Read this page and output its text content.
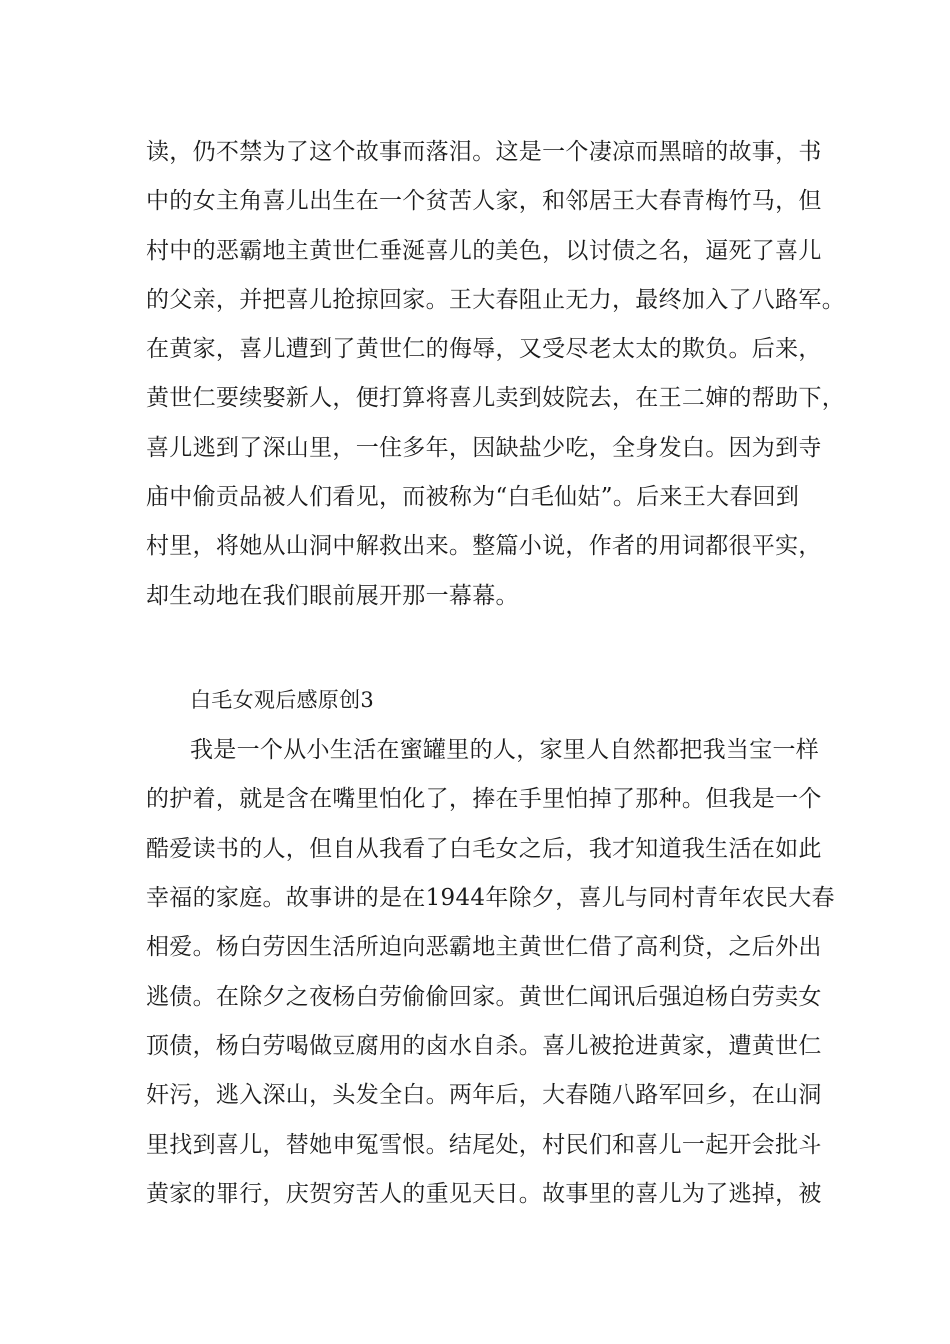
读，仍不禁为了这个故事而落泪。这是一个凄凉而黑暗的故事，书
中的女主角喜儿出生在一个贫苦人家，和邻居王大春青梅竹马，但
村中的恶霸地主黄世仁垂涎喜儿的美色，以讨债之名，逼死了喜儿
的父亲，并把喜儿抢掠回家。王大春阻止无力，最终加入了八路军。
在黄家，喜儿遭到了黄世仁的侮辱，又受尽老太太的欺负。后来，
黄世仁要续娶新人，便打算将喜儿卖到妓院去，在王二婶的帮助下，
喜儿逃到了深山里，一住多年，因缺盐少吃，全身发白。因为到寺
庙中偷贡品被人们看见，而被称为“白毛仙姑”。后来王大春回到
村里，将她从山洞中解救出来。整篇小说，作者的用词都很平实，
却生动地在我们眼前展开那一幕幕。
白毛女观后感原创3
我是一个从小生活在蜜罐里的人，家里人自然都把我当宝一样
的护着，就是含在嘴里怕化了，捧在手里怕掉了那种。但我是一个
酷爱读书的人，但自从我看了白毛女之后，我才知道我生活在如此
幸福的家庭。故事讲的是在1944年除夕，喜儿与同村青年农民大春
相爱。杨白劳因生活所迫向恶霸地主黄世仁借了高利贷，之后外出
逃债。在除夕之夜杨白劳偷偷回家。黄世仁闻讯后强迫杨白劳卖女
顶债，杨白劳喝做豆腐用的卤水自杀。喜儿被抢进黄家，遭黄世仁
奸污，逃入深山，头发全白。两年后，大春随八路军回乡，在山洞
里找到喜儿，替她申冤雪恨。结尾处，村民们和喜儿一起开会批斗
黄家的罪行，庆贺穷苦人的重见天日。故事里的喜儿为了逃掉，被
